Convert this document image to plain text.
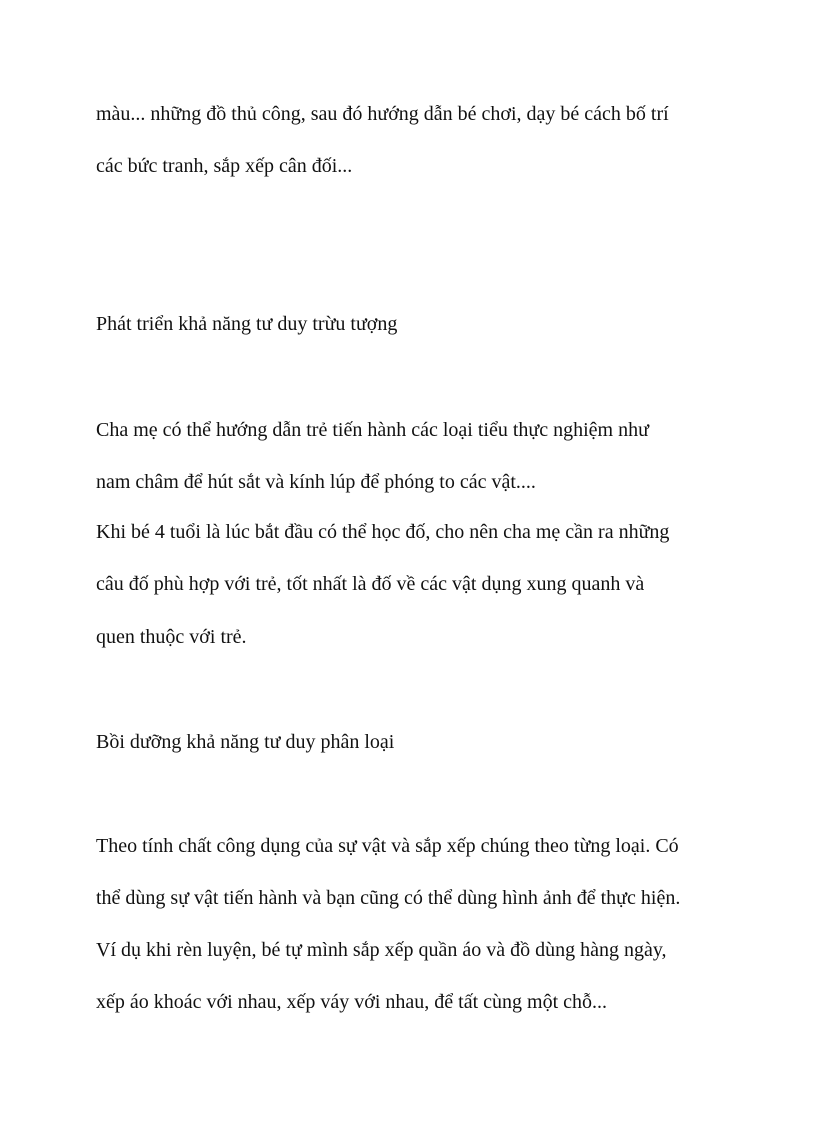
màu... những đồ thủ công, sau đó hướng dẫn bé chơi, dạy bé cách bố trí

các bức tranh, sắp xếp cân đối...

Phát triển khả năng tư duy trừu tượng

Cha mẹ có thể hướng dẫn trẻ tiến hành các loại tiểu thực nghiệm như

nam châm để hút sắt và kính lúp để phóng to các vật....

Khi bé 4 tuổi là lúc bắt đầu có thể học đố, cho nên cha mẹ cần ra những

câu đố phù hợp với trẻ, tốt nhất là đố về các vật dụng xung quanh và

quen thuộc với trẻ.

Bồi dưỡng khả năng tư duy phân loại

Theo tính chất công dụng của sự vật và sắp xếp chúng theo từng loại. Có

thể dùng sự vật tiến hành và bạn cũng có thể dùng hình ảnh để thực hiện.

Ví dụ khi rèn luyện, bé tự mình sắp xếp quần áo và đồ dùng hàng ngày,

xếp áo khoác với nhau, xếp váy với nhau, để tất cùng một chỗ...
